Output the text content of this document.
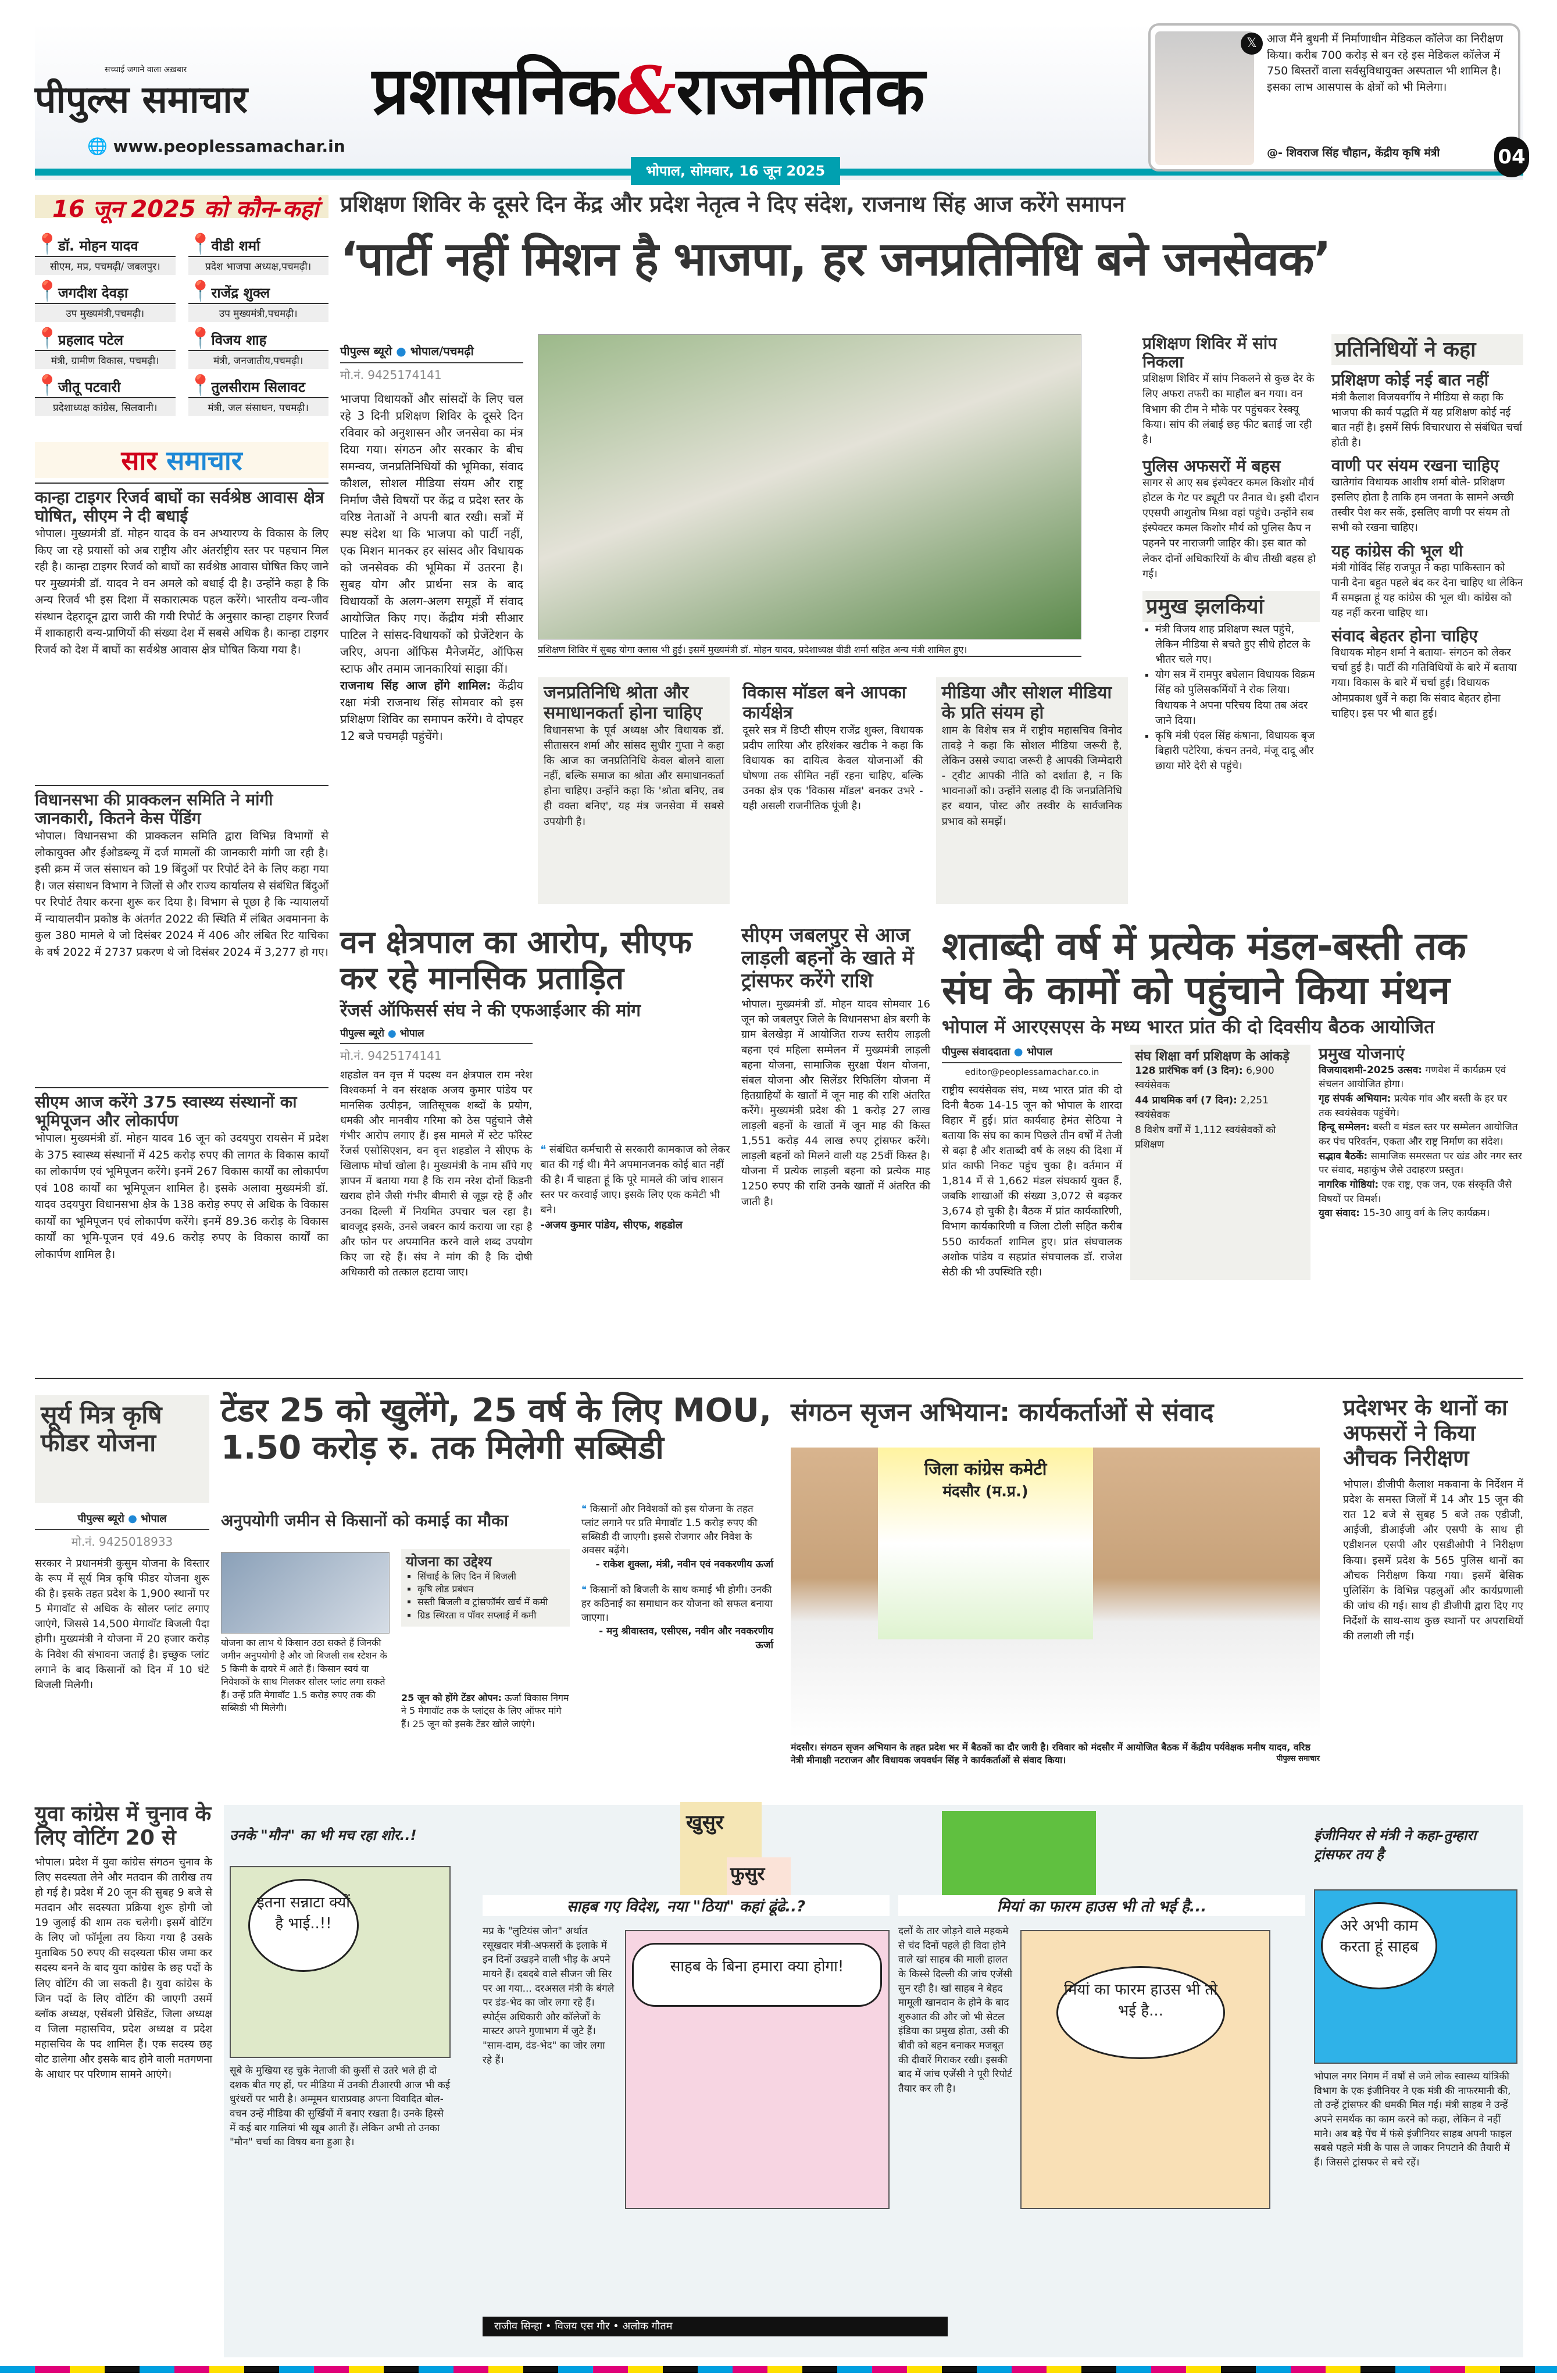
सच्चाई जगाने वाला अख़बार
पीपुल्स समाचार
🌐 www.peoplessamachar.in
प्रशासनिक&राजनीतिक
भोपाल, सोमवार, 16 जून 2025
𝕏 आज मैंने बुधनी में निर्माणाधीन मेडिकल कॉलेज का निरीक्षण किया। करीब 700 करोड़ से बन रहे इस मेडिकल कॉलेज में 750 बिस्तरों वाला सर्वसुविधायुक्त अस्पताल भी शामिल है। इसका लाभ आसपास के क्षेत्रों को भी मिलेगा।
@- शिवराज सिंह चौहान, केंद्रीय कृषि मंत्री	04
16 जून 2025 को कौन-कहां
📍डॉ. मोहन यादव
सीएम, मप्र, पचमढ़ी/ जबलपुर।
📍वीडी शर्मा
प्रदेश भाजपा अध्यक्ष,पचमढ़ी।
📍जगदीश देवड़ा
उप मुख्यमंत्री,पचमढ़ी।
📍राजेंद्र शुक्ल
उप मुख्यमंत्री,पचमढ़ी।
📍प्रहलाद पटेल
मंत्री, ग्रामीण विकास, पचमढ़ी।
📍विजय शाह
मंत्री, जनजातीय,पचमढ़ी।
📍जीतू पटवारी
प्रदेशाध्यक्ष कांग्रेस, सिलवानी।
📍तुलसीराम सिलावट
मंत्री, जल संसाधन, पचमढ़ी।
सार समाचार
कान्हा टाइगर रिजर्व बाघों का सर्वश्रेष्ठ आवास क्षेत्र घोषित, सीएम ने दी बधाई
भोपाल। मुख्यमंत्री डॉ. मोहन यादव के वन अभ्यारण्य के विकास के लिए किए जा रहे प्रयासों को अब राष्ट्रीय और अंतर्राष्ट्रीय स्तर पर पहचान मिल रही है। कान्हा टाइगर रिजर्व को बाघों का सर्वश्रेष्ठ आवास घोषित किए जाने पर मुख्यमंत्री डॉ. यादव ने वन अमले को बधाई दी है। उन्होंने कहा है कि अन्य रिजर्व भी इस दिशा में सकारात्मक पहल करेंगे। भारतीय वन्य-जीव संस्थान देहरादून द्वारा जारी की गयी रिपोर्ट के अनुसार कान्हा टाइगर रिजर्व में शाकाहारी वन्य-प्राणियों की संख्या देश में सबसे अधिक है। कान्हा टाइगर रिजर्व को देश में बाघों का सर्वश्रेष्ठ आवास क्षेत्र घोषित किया गया है।
विधानसभा की प्राक्कलन समिति ने मांगी जानकारी, कितने केस पेंडिंग
भोपाल। विधानसभा की प्राक्कलन समिति द्वारा विभिन्न विभागों से लोकायुक्त और ईओडब्ल्यू में दर्ज मामलों की जानकारी मांगी जा रही है। इसी क्रम में जल संसाधन को 19 बिंदुओं पर रिपोर्ट देने के लिए कहा गया है। जल संसाधन विभाग ने जिलों से और राज्य कार्यालय से संबंधित बिंदुओं पर रिपोर्ट तैयार करना शुरू कर दिया है। विभाग से पूछा है कि न्यायालयों में न्यायालयीन प्रकोष्ठ के अंतर्गत 2022 की स्थिति में लंबित अवमानना के कुल 380 मामले थे जो दिसंबर 2024 में 406 और लंबित रिट याचिका के वर्ष 2022 में 2737 प्रकरण थे जो दिसंबर 2024 में 3,277 हो गए।
सीएम आज करेंगे 375 स्वास्थ्य संस्थानों का भूमिपूजन और लोकार्पण
भोपाल। मुख्यमंत्री डॉ. मोहन यादव 16 जून को उदयपुरा रायसेन में प्रदेश के 375 स्वास्थ्य संस्थानों में 425 करोड़ रुपए की लागत के विकास कार्यों का लोकार्पण एवं भूमिपूजन करेंगे। इनमें 267 विकास कार्यों का लोकार्पण एवं 108 कार्यों का भूमिपूजन शामिल है। इसके अलावा मुख्यमंत्री डॉ. यादव उदयपुरा विधानसभा क्षेत्र के 138 करोड़ रुपए से अधिक के विकास कार्यों का भूमिपूजन एवं लोकार्पण करेंगे। इनमें 89.36 करोड़ के विकास कार्यों का भूमि-पूजन एवं 49.6 करोड़ रुपए के विकास कार्यों का लोकार्पण शामिल है।
प्रशिक्षण शिविर के दूसरे दिन केंद्र और प्रदेश नेतृत्व ने दिए संदेश, राजनाथ सिंह आज करेंगे समापन
‘पार्टी नहीं मिशन है भाजपा, हर जनप्रतिनिधि बने जनसेवक’
पीपुल्स ब्यूरो ● भोपाल/पचमढ़ी
मो.नं. 9425174141
भाजपा विधायकों और सांसदों के लिए चल रहे 3 दिनी प्रशिक्षण शिविर के दूसरे दिन रविवार को अनुशासन और जनसेवा का मंत्र दिया गया। संगठन और सरकार के बीच समन्वय, जनप्रतिनिधियों की भूमिका, संवाद कौशल, सोशल मीडिया संयम और राष्ट्र निर्माण जैसे विषयों पर केंद्र व प्रदेश स्तर के वरिष्ठ नेताओं ने अपनी बात रखी। सत्रों में स्पष्ट संदेश था कि भाजपा को पार्टी नहीं, एक मिशन मानकर हर सांसद और विधायक को जनसेवक की भूमिका में उतरना है। सुबह योग और प्रार्थना सत्र के बाद विधायकों के अलग-अलग समूहों में संवाद आयोजित किए गए। केंद्रीय मंत्री सीआर पाटिल ने सांसद-विधायकों को प्रेजेंटेशन के जरिए, अपना ऑफिस मैनेजमेंट, ऑफिस स्टाफ और तमाम जानकारियां साझा कीं।
राजनाथ सिंह आज होंगे शामिल: केंद्रीय रक्षा मंत्री राजनाथ सिंह सोमवार को इस प्रशिक्षण शिविर का समापन करेंगे। वे दोपहर 12 बजे पचमढ़ी पहुंचेंगे।
प्रशिक्षण शिविर में सुबह योगा क्लास भी हुई। इसमें मुख्यमंत्री डॉ. मोहन यादव, प्रदेशाध्यक्ष वीडी शर्मा सहित अन्य मंत्री शामिल हुए।
जनप्रतिनिधि श्रोता और समाधानकर्ता होना चाहिए
विधानसभा के पूर्व अध्यक्ष और विधायक डॉ. सीतासरन शर्मा और सांसद सुधीर गुप्ता ने कहा कि आज का जनप्रतिनिधि केवल बोलने वाला नहीं, बल्कि समाज का श्रोता और समाधानकर्ता होना चाहिए। उन्होंने कहा कि 'श्रोता बनिए, तब ही वक्ता बनिए', यह मंत्र जनसेवा में सबसे उपयोगी है।
विकास मॉडल बने आपका कार्यक्षेत्र
दूसरे सत्र में डिप्टी सीएम राजेंद्र शुक्ल, विधायक प्रदीप लारिया और हरिशंकर खटीक ने कहा कि विधायक का दायित्व केवल योजनाओं की घोषणा तक सीमित नहीं रहना चाहिए, बल्कि उनका क्षेत्र एक 'विकास मॉडल' बनकर उभरे - यही असली राजनीतिक पूंजी है।
मीडिया और सोशल मीडिया के प्रति संयम हो
शाम के विशेष सत्र में राष्ट्रीय महासचिव विनोद तावड़े ने कहा कि सोशल मीडिया जरूरी है, लेकिन उससे ज्यादा जरूरी है आपकी जिम्मेदारी - ट्वीट आपकी नीति को दर्शाता है, न कि भावनाओं को। उन्होंने सलाह दी कि जनप्रतिनिधि हर बयान, पोस्ट और तस्वीर के सार्वजनिक प्रभाव को समझें।
प्रशिक्षण शिविर में सांप निकला
प्रशिक्षण शिविर में सांप निकलने से कुछ देर के लिए अफरा तफरी का माहौल बन गया। वन विभाग की टीम ने मौके पर पहुंचकर रेस्क्यू किया। सांप की लंबाई छह फीट बताई जा रही है।
पुलिस अफसरों में बहस
सागर से आए सब इंस्पेक्टर कमल किशोर मौर्य होटल के गेट पर ड्यूटी पर तैनात थे। इसी दौरान एएसपी आशुतोष मिश्रा वहां पहुंचे। उन्होंने सब इंस्पेक्टर कमल किशोर मौर्य को पुलिस कैप न पहनने पर नाराजगी जाहिर की। इस बात को लेकर दोनों अधिकारियों के बीच तीखी बहस हो गई।
प्रमुख झलकियां
▪ मंत्री विजय शाह प्रशिक्षण स्थल पहुंचे, लेकिन मीडिया से बचते हुए सीधे होटल के भीतर चले गए।
▪ योग सत्र में रामपुर बघेलान विधायक विक्रम सिंह को पुलिसकर्मियों ने रोक लिया। विधायक ने अपना परिचय दिया तब अंदर जाने दिया।
▪ कृषि मंत्री एंदल सिंह कंषाना, विधायक बृज बिहारी पटेरिया, कंचन तनवे, मंजू दादू और छाया मोरे देरी से पहुंचे।
प्रतिनिधियों ने कहा
प्रशिक्षण कोई नई बात नहीं
मंत्री कैलाश विजयवर्गीय ने मीडिया से कहा कि भाजपा की कार्य पद्धति में यह प्रशिक्षण कोई नई बात नहीं है। इसमें सिर्फ विचारधारा से संबंधित चर्चा होती है।
वाणी पर संयम रखना चाहिए
खातेगांव विधायक आशीष शर्मा बोले- प्रशिक्षण इसलिए होता है ताकि हम जनता के सामने अच्छी तस्वीर पेश कर सकें, इसलिए वाणी पर संयम तो सभी को रखना चाहिए।
यह कांग्रेस की भूल थी
मंत्री गोविंद सिंह राजपूत ने कहा पाकिस्तान को पानी देना बहुत पहले बंद कर देना चाहिए था लेकिन मैं समझता हूं यह कांग्रेस की भूल थी। कांग्रेस को यह नहीं करना चाहिए था।
संवाद बेहतर होना चाहिए
विधायक मोहन शर्मा ने बताया- संगठन को लेकर चर्चा हुई है। पार्टी की गतिविधियों के बारे में बताया गया। विकास के बारे में चर्चा हुई। विधायक ओमप्रकाश धुर्वे ने कहा कि संवाद बेहतर होना चाहिए। इस पर भी बात हुई।
वन क्षेत्रपाल का आरोप, सीएफ कर रहे मानसिक प्रताड़ित
रेंजर्स ऑफिसर्स संघ ने की एफआईआर की मांग
पीपुल्स ब्यूरो ● भोपाल
मो.नं. 9425174141
शहडोल वन वृत्त में पदस्थ वन क्षेत्रपाल राम नरेश विश्वकर्मा ने वन संरक्षक अजय कुमार पांडेय पर मानसिक उत्पीड़न, जातिसूचक शब्दों के प्रयोग, धमकी और मानवीय गरिमा को ठेस पहुंचाने जैसे गंभीर आरोप लगाए हैं। इस मामले में स्टेट फॉरेस्ट रेंजर्स एसोसिएशन, वन वृत्त शहडोल ने सीएफ के खिलाफ मोर्चा खोला है। मुख्यमंत्री के नाम सौंपे गए ज्ञापन में बताया गया है कि राम नरेश दोनों किडनी खराब होने जैसी गंभीर बीमारी से जूझ रहे हैं और उनका दिल्ली में नियमित उपचार चल रहा है। बावजूद इसके, उनसे जबरन कार्य कराया जा रहा है और फोन पर अपमानित करने वाले शब्द उपयोग किए जा रहे हैं। संघ ने मांग की है कि दोषी अधिकारी को तत्काल हटाया जाए।
❝ संबंधित कर्मचारी से सरकारी कामकाज को लेकर बात की गई थी। मैने अपमानजनक कोई बात नहीं की है। मैं चाहता हूं कि पूरे मामले की जांच शासन स्तर पर करवाई जाए। इसके लिए एक कमेटी भी बने।
-अजय कुमार पांडेय, सीएफ, शहडोल
सीएम जबलपुर से आज लाड़ली बहनों के खाते में ट्रांसफर करेंगे राशि
भोपाल। मुख्यमंत्री डॉ. मोहन यादव सोमवार 16 जून को जबलपुर जिले के विधानसभा क्षेत्र बरगी के ग्राम बेलखेड़ा में आयोजित राज्य स्तरीय लाड़ली बहना एवं महिला सम्मेलन में मुख्यमंत्री लाड़ली बहना योजना, सामाजिक सुरक्षा पेंशन योजना, संबल योजना और सिलेंडर रिफिलिंग योजना में हितग्राहियों के खातों में जून माह की राशि अंतरित करेंगे। मुख्यमंत्री प्रदेश की 1 करोड़ 27 लाख लाड़ली बहनों के खातों में जून माह की किस्त 1,551 करोड़ 44 लाख रुपए ट्रांसफर करेंगे। लाड़ली बहनों को मिलने वाली यह 25वीं किस्त है। योजना में प्रत्येक लाड़ली बहना को प्रत्येक माह 1250 रुपए की राशि उनके खातों में अंतरित की जाती है।
शताब्दी वर्ष में प्रत्येक मंडल-बस्ती तक संघ के कामों को पहुंचाने किया मंथन
भोपाल में आरएसएस के मध्य भारत प्रांत की दो दिवसीय बैठक आयोजित
पीपुल्स संवाददाता ● भोपाल
editor@peoplessamachar.co.in
राष्ट्रीय स्वयंसेवक संघ, मध्य भारत प्रांत की दो दिनी बैठक 14-15 जून को भोपाल के शारदा विहार में हुई। प्रांत कार्यवाह हेमंत सेठिया ने बताया कि संघ का काम पिछले तीन वर्षों में तेजी से बढ़ा है और शताब्दी वर्ष के लक्ष्य की दिशा में प्रांत काफी निकट पहुंच चुका है। वर्तमान में 1,814 में से 1,662 मंडल संघकार्य युक्त हैं, जबकि शाखाओं की संख्या 3,072 से बढ़कर 3,674 हो चुकी है। बैठक में प्रांत कार्यकारिणी, विभाग कार्यकारिणी व जिला टोली सहित करीब 550 कार्यकर्ता शामिल हुए। प्रांत संघचालक अशोक पांडेय व सहप्रांत संघचालक डॉ. राजेश सेठी की भी उपस्थिति रही।
संघ शिक्षा वर्ग प्रशिक्षण के आंकड़े
128 प्रारंभिक वर्ग (3 दिन): 6,900 स्वयंसेवक
44 प्राथमिक वर्ग (7 दिन): 2,251 स्वयंसेवक
8 विशेष वर्गों में 1,112 स्वयंसेवकों को प्रशिक्षण
प्रमुख योजनाएं
विजयादशमी-2025 उत्सव: गणवेश में कार्यक्रम एवं संचलन आयोजित होगा।
गृह संपर्क अभियान: प्रत्येक गांव और बस्ती के हर घर तक स्वयंसेवक पहुंचेंगे।
हिन्दू सम्मेलन: बस्ती व मंडल स्तर पर सम्मेलन आयोजित कर पंच परिवर्तन, एकता और राष्ट्र निर्माण का संदेश।
सद्भाव बैठकें: सामाजिक समरसता पर खंड और नगर स्तर पर संवाद, महाकुंभ जैसे उदाहरण प्रस्तुत।
नागरिक गोष्ठियां: एक राष्ट्र, एक जन, एक संस्कृति जैसे विषयों पर विमर्श।
युवा संवाद: 15-30 आयु वर्ग के लिए कार्यक्रम।
सूर्य मित्र कृषि फीडर योजना
टेंडर 25 को खुलेंगे, 25 वर्ष के लिए MOU, 1.50 करोड़ रु. तक मिलेगी सब्सिडी
पीपुल्स ब्यूरो ● भोपाल
मो.नं. 9425018933
सरकार ने प्रधानमंत्री कुसुम योजना के विस्तार के रूप में सूर्य मित्र कृषि फीडर योजना शुरू की है। इसके तहत प्रदेश के 1,900 स्थानों पर 5 मेगावॉट से अधिक के सोलर प्लांट लगाए जाएंगे, जिससे 14,500 मेगावॉट बिजली पैदा होगी। मुख्यमंत्री ने योजना में 20 हजार करोड़ के निवेश की संभावना जताई है। इच्छुक प्लांट लगाने के बाद किसानों को दिन में 10 घंटे बिजली मिलेगी।
अनुपयोगी जमीन से किसानों को कमाई का मौका
योजना का लाभ ये किसान उठा सकते हैं जिनकी जमीन अनुपयोगी है और जो बिजली सब स्टेशन के 5 किमी के दायरे में आते हैं। किसान स्वयं या निवेशकों के साथ मिलकर सोलर प्लांट लगा सकते हैं। उन्हें प्रति मेगावॉट 1.5 करोड़ रुपए तक की सब्सिडी भी मिलेगी।
योजना का उद्देश्य
▪ सिंचाई के लिए दिन में बिजली
▪ कृषि लोड प्रबंधन
▪ सस्ती बिजली व ट्रांसफॉर्मर खर्च में कमी
▪ ग्रिड स्थिरता व पॉवर सप्लाई में कमी
25 जून को होंगे टेंडर ओपन: ऊर्जा विकास निगम ने 5 मेगावॉट तक के प्लांट्स के लिए ऑफर मांगे हैं। 25 जून को इसके टेंडर खोले जाएंगे।
❝ किसानों और निवेशकों को इस योजना के तहत प्लांट लगाने पर प्रति मेगावॉट 1.5 करोड़ रुपए की सब्सिडी दी जाएगी। इससे रोजगार और निवेश के अवसर बढ़ेंगे।
- राकेश शुक्ला, मंत्री, नवीन एवं नवकरणीय ऊर्जा
❝ किसानों को बिजली के साथ कमाई भी होगी। उनकी हर कठिनाई का समाधान कर योजना को सफल बनाया जाएगा।
- मनु श्रीवास्तव, एसीएस, नवीन और नवकरणीय ऊर्जा
संगठन सृजन अभियान: कार्यकर्ताओं से संवाद
जिला कांग्रेस कमेटी
मंदसौर (म.प्र.)
मंदसौर। संगठन सृजन अभियान के तहत प्रदेश भर में बैठकों का दौर जारी है। रविवार को मंदसौर में आयोजित बैठक में केंद्रीय पर्यवेक्षक मनीष यादव, वरिष्ठ नेत्री मीनाक्षी नटराजन और विधायक जयवर्धन सिंह ने कार्यकर्ताओं से संवाद किया।	पीपुल्स समाचार
प्रदेशभर के थानों का अफसरों ने किया औचक निरीक्षण
भोपाल। डीजीपी कैलाश मकवाना के निर्देशन में प्रदेश के समस्त जिलों में 14 और 15 जून की रात 12 बजे से सुबह 5 बजे तक एडीजी, आईजी, डीआईजी और एसपी के साथ ही एडीशनल एसपी और एसडीओपी ने निरीक्षण किया। इसमें प्रदेश के 565 पुलिस थानों का औचक निरीक्षण किया गया। इसमें बेसिक पुलिसिंग के विभिन्न पहलुओं और कार्यप्रणाली की जांच की गई। साथ ही डीजीपी द्वारा दिए गए निर्देशों के साथ-साथ कुछ स्थानों पर अपराधियों की तलाशी ली गई।
युवा कांग्रेस में चुनाव के लिए वोटिंग 20 से
भोपाल। प्रदेश में युवा कांग्रेस संगठन चुनाव के लिए सदस्यता लेने और मतदान की तारीख तय हो गई है। प्रदेश में 20 जून की सुबह 9 बजे से मतदान और सदस्यता प्रक्रिया शुरू होगी जो 19 जुलाई की शाम तक चलेगी। इसमें वोटिंग के लिए जो फॉर्मूला तय किया गया है उसके मुताबिक 50 रुपए की सदस्यता फीस जमा कर सदस्य बनने के बाद युवा कांग्रेस के छह पदों के लिए वोटिंग की जा सकती है। युवा कांग्रेस के जिन पदों के लिए वोटिंग की जाएगी उसमें ब्लॉक अध्यक्ष, एसेंबली प्रेसिडेंट, जिला अध्यक्ष व जिला महासचिव, प्रदेश अध्यक्ष व प्रदेश महासचिव के पद शामिल हैं। एक सदस्य छह वोट डालेगा और इसके बाद होने वाली मतगणना के आधार पर परिणाम सामने आएंगे।
खुसुर
फुसुर
उनके "मौन" का भी मच रहा शोर..!
इतना सन्नाटा क्यों है भाई..!!
सूबे के मुखिया रह चुके नेताजी की कुर्सी से उतरे भले ही दो दशक बीत गए हों, पर मीडिया में उनकी टीआरपी आज भी कई धुरंधरों पर भारी है। अम्मूमन धाराप्रवाह अपना विवादित बोल-वचन उन्हें मीडिया की सुर्खियों में बनाए रखता है। उनके हिस्से में कई बार गालियां भी खूब आती हैं। लेकिन अभी तो उनका "मौन" चर्चा का विषय बना हुआ है।
साहब गए विदेश, नया "ठिया" कहां ढूंढे..?
मप्र के "लुटियंस जोन" अर्थात रसूखदार मंत्री-अफसरों के इलाके में इन दिनों उखड़ने वाली भीड़ के अपने मायने हैं। दबदबे वाले सीजन जी सिर पर आ गया... दरअसल मंत्री के बंगले पर डंड-भेद का जोर लगा रहे हैं। स्पोर्ट्स अधिकारी और कॉलेजों के मास्टर अपने गुणाभाग में जुटे हैं। "साम-दाम, दंड-भेद" का जोर लगा रहे हैं।
साहब के बिना हमारा क्या होगा!
मियां का फारम हाउस भी तो भई है...
दलों के तार जोड़ने वाले महकमे से चंद दिनों पहले ही विदा होने वाले खां साहब की माली हालत के किस्से दिल्ली की जांच एजेंसी सुन रही है। खां साहब ने बेहद मामूली खानदान के होने के बाद शुरुआत की और जो भी सेटल इंडिया का प्रमुख होता, उसी की बीवी को बहन बनाकर मजबूत की दीवारें गिराकर रखी। इसकी बाद में जांच एजेंसी ने पूरी रिपोर्ट तैयार कर ली है।
मियां का फारम हाउस भी तो भई है...
इंजीनियर से मंत्री ने कहा-तुम्हारा ट्रांसफर तय है
अरे अभी काम करता हूं साहब
भोपाल नगर निगम में वर्षों से जमे लोक स्वास्थ्य यांत्रिकी विभाग के एक इंजीनियर ने एक मंत्री की नाफरमानी की, तो उन्हें ट्रांसफर की धमकी मिल गई। मंत्री साहब ने उन्हें अपने समर्थक का काम करने को कहा, लेकिन वे नहीं माने। अब बड़े पेंच में फंसे इंजीनियर साहब अपनी फाइल सबसे पहले मंत्री के पास ले जाकर निपटाने की तैयारी में हैं। जिससे ट्रांसफर से बचे रहें।
राजीव सिन्हा • विजय एस गौर • अलोक गौतम
